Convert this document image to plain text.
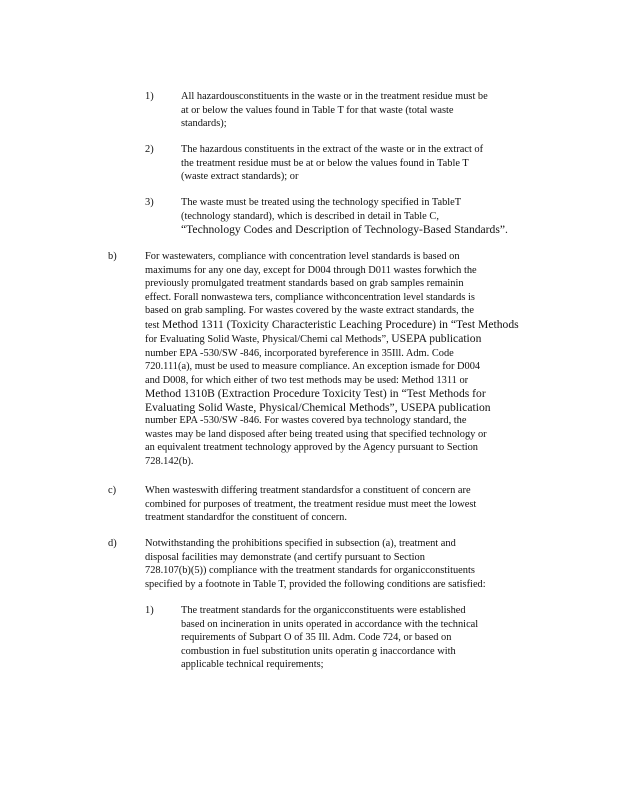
1)	All hazardousconstituents in the waste or in the treatment residue must be
at or below the values found in Table T for that waste (total waste
standards);
2)	The hazardous constituents in the extract of the waste or in the extract of
the treatment residue must be at or below the values found in Table T
(waste extract standards); or
3)	The waste must be treated using the technology specified in TableT
(technology standard), which is described in detail in Table C,
“Technology Codes and Description of Technology-Based Standards”.
b)	For wastewaters, compliance with concentration level standards is based on
maximums for any one day, except for D004 through D011 wastes forwhich the
previously promulgated treatment standards based on grab samples remainin
effect. Forall nonwastewa ters, compliance withconcentration level standards is
based on grab sampling. For wastes covered by the waste extract standards, the
test Method 1311 (Toxicity Characteristic Leaching Procedure) in “Test Methods
for Evaluating Solid Waste, Physical/Chemi cal Methods”, USEPA publication
number EPA -530/SW -846, incorporated byreference in 35Ill. Adm. Code
720.111(a), must be used to measure compliance. An exception ismade for D004
and D008, for which either of two test methods may be used: Method 1311 or
Method 1310B (Extraction Procedure Toxicity Test) in “Test Methods for
Evaluating Solid Waste, Physical/Chemical Methods”, USEPA publication
number EPA -530/SW -846. For wastes covered bya technology standard, the
wastes may be land disposed after being treated using that specified technology or
an equivalent treatment technology approved by the Agency pursuant to Section
728.142(b).
c)	When wasteswith differing treatment standardsfor a constituent of concern are
combined for purposes of treatment, the treatment residue must meet the lowest
treatment standardfor the constituent of concern.
d)	Notwithstanding the prohibitions specified in subsection (a), treatment and
disposal facilities may demonstrate (and certify pursuant to Section
728.107(b)(5)) compliance with the treatment standards for organicconstituents
specified by a footnote in Table T, provided the following conditions are satisfied:
1)	The treatment standards for the organicconstituents were established
based on incineration in units operated in accordance with the technical
requirements of Subpart O of 35 Ill. Adm. Code 724, or based on
combustion in fuel substitution units operatin g inaccordance with
applicable technical requirements;
